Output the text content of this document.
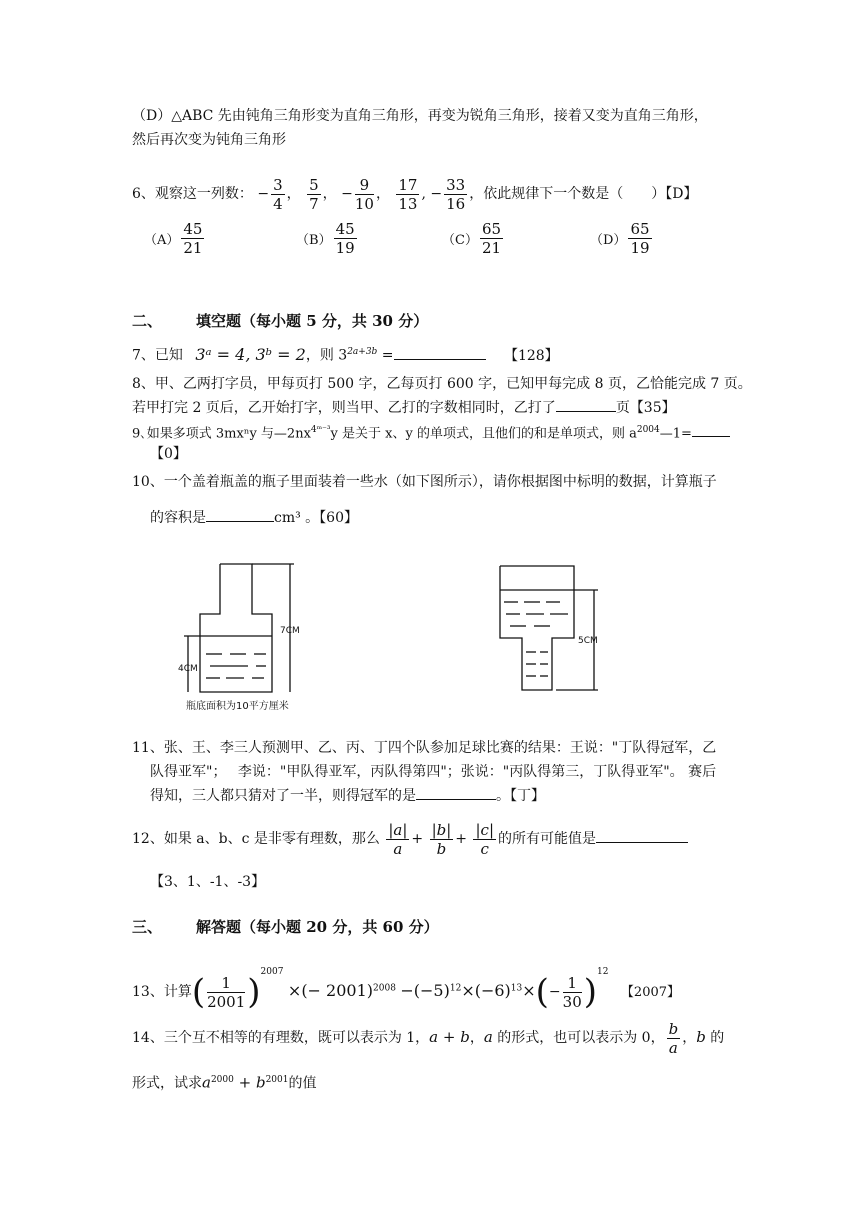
（D）△ABC 先由钝角三角形变为直角三角形，再变为锐角三角形，接着又变为直角三角形，
然后再次变为钝角三角形
6、观察这一列数： − $\frac{3}{4}$ ， $\frac{5}{7}$ ， − $\frac{9}{10}$ ， $\frac{17}{13}$ , − $\frac{33}{16}$ ，依此规律下一个数是（　　）【D】
$(A) \frac{45}{21}$	$(B) \frac{45}{19}$	$(C) \frac{65}{21}$	$(D) \frac{65}{19}$
二、 填空题（每小题 5 分，共 30 分）
7、已知 3ᵃ = 4, 3ᵇ = 2，则 $3^{2a+3b}$ =	【128】
8、甲、乙两打字员，甲每页打 500 字，乙每页打 600 字，已知甲每完成 8 页，乙恰能完成 7 页。
若甲打完 2 页后，乙开始打字，则当甲、乙打的字数相同时，乙打了	页【35】
9､如果多项式 3mxⁿy 与$—2nx^{4ᵐ^{-3}}y$ 是关于 x、y 的单项式，且他们的和是单项式，则 $a^{2004}—1=$
【0】
10、一个盖着瓶盖的瓶子里面装着一些水（如下图所示），请你根据图中标明的数据，计算瓶子
的容积是	cm³ 。【60】
7CM
4CM
瓶底面积为10平方厘米
5CM
11、张、王、李三人预测甲、乙、丙、丁四个队参加足球比赛的结果：王说："丁队得冠军，乙
队得亚军"；　 李说："甲队得亚军，丙队得第四"；张说："丙队得第三，丁队得亚军"。 赛后
得知，三人都只猜对了一半，则得冠军的是	。【丁】
12、如果 a、b、c 是非零有理数，那么 $\frac{|a|}{a} + \frac{|b|}{b} + \frac{|c|}{c}$ 的所有可能值是
【3、1、-1、-3】
三、 解答题（每小题 20 分，共 60 分）
13、计算( $\frac{1}{2001} )^{2007}$ ×(− $2001)^{2008} -(-5)^{12}\times(-6)^{13}\times(- \frac{1}{30} )^{12}$ 【2007】
14、三个互不相等的有理数，既可以表示为 1，a + b，a 的形式，也可以表示为 0， $\frac{b}{a}$ ，b 的
形式，试求$a^{2000} + b^{2001}$的值
